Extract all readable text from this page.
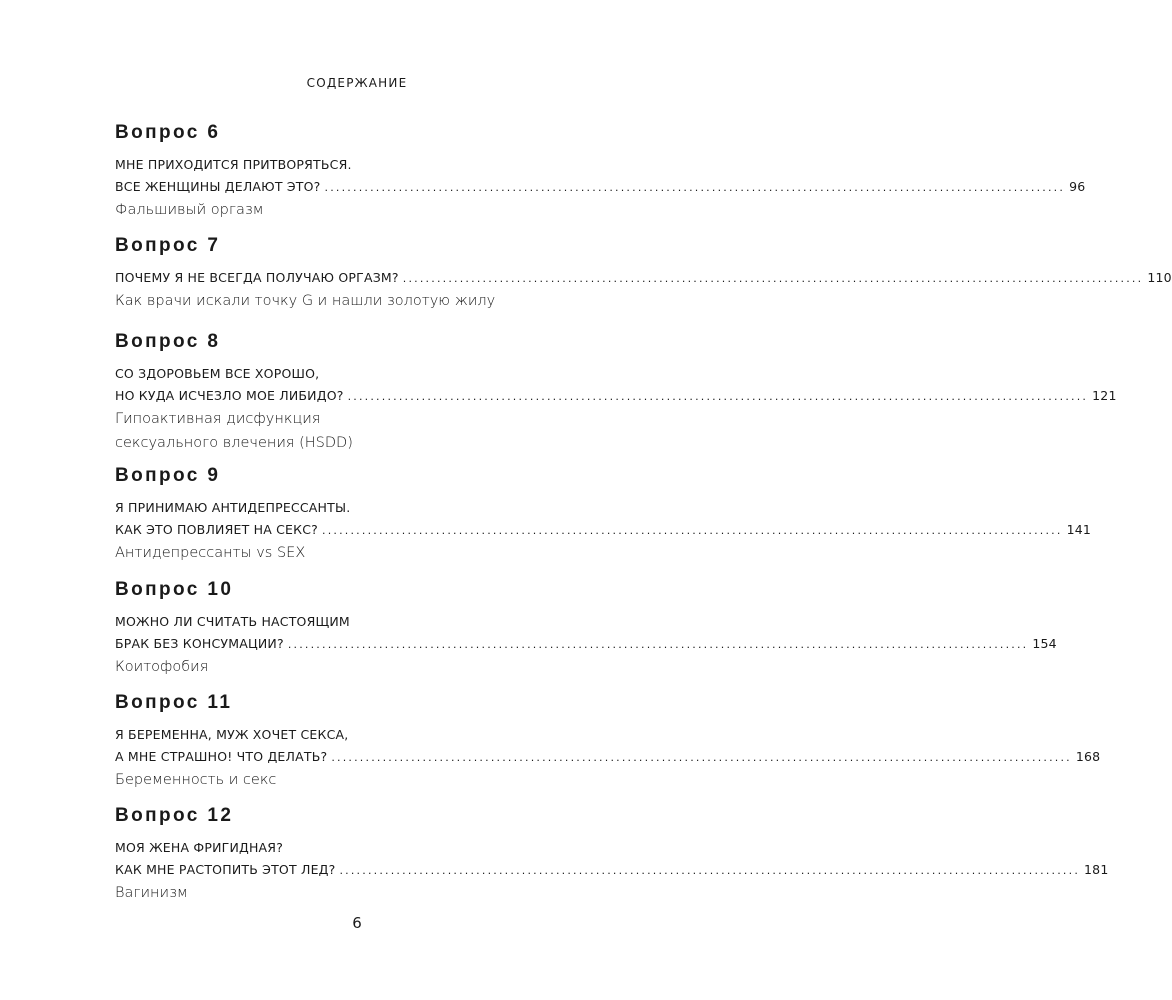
СОДЕРЖАНИЕ
Вопрос 6
МНЕ ПРИХОДИТСЯ ПРИТВОРЯТЬСЯ.
ВСЕ ЖЕНЩИНЫ ДЕЛАЮТ ЭТО? .................................................................................................................................. 96
Фальшивый оргазм
Вопрос 7
ПОЧЕМУ Я НЕ ВСЕГДА ПОЛУЧАЮ ОРГАЗМ? .................................................................................................................................. 110
Как врачи искали точку G и нашли золотую жилу
Вопрос 8
СО ЗДОРОВЬЕМ ВСЕ ХОРОШО,
НО КУДА ИСЧЕЗЛО МОЕ ЛИБИДО? .................................................................................................................................. 121
Гипоактивная дисфункция
сексуального влечения (HSDD)
Вопрос 9
Я ПРИНИМАЮ АНТИДЕПРЕССАНТЫ.
КАК ЭТО ПОВЛИЯЕТ НА СЕКС? .................................................................................................................................. 141
Антидепрессанты vs SEX
Вопрос 10
МОЖНО ЛИ СЧИТАТЬ НАСТОЯЩИМ
БРАК БЕЗ КОНСУМАЦИИ? .................................................................................................................................. 154
Коитофобия
Вопрос 11
Я БЕРЕМЕННА, МУЖ ХОЧЕТ СЕКСА,
А МНЕ СТРАШНО! ЧТО ДЕЛАТЬ? .................................................................................................................................. 168
Беременность и секс
Вопрос 12
МОЯ ЖЕНА ФРИГИДНАЯ?
КАК МНЕ РАСТОПИТЬ ЭТОТ ЛЕД? .................................................................................................................................. 181
Вагинизм
6
